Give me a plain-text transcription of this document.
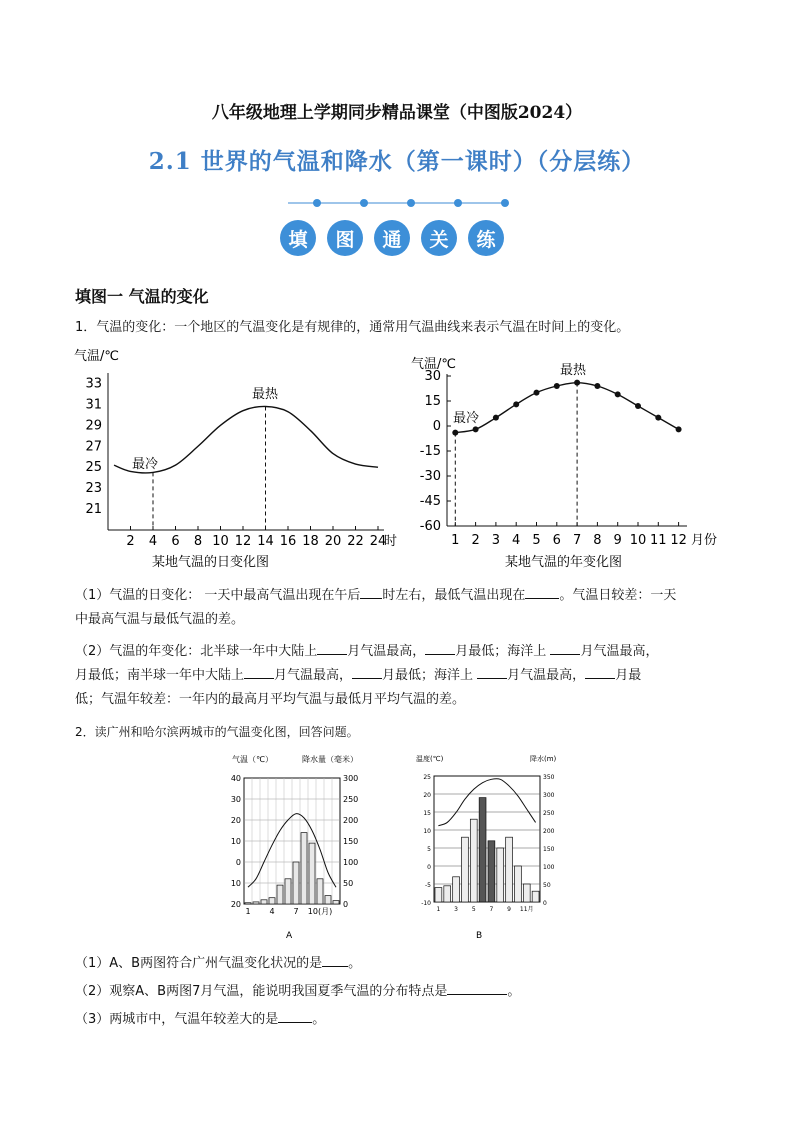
八年级地理上学期同步精品课堂（中图版2024）
2.1 世界的气温和降水（第一课时）（分层练）
填	图	通	关	练
填图一 气温的变化
1．气温的变化：一个地区的气温变化是有规律的，通常用气温曲线来表示气温在时间上的变化。
气温/℃
33
31
29
27
25
23
21
2 4 6 8 10 12 14 16 18 20 22 24
最冷
最热
时
某地气温的日变化图
气温/℃
30
15
0
-15
-30
-45
-60
1 2 3 4 5 6 7 8 9 10 11 12
最冷
最热
月份
某地气温的年变化图
（1）气温的日变化： 一天中最高气温出现在午后 时左右，最低气温出现在	。气温日较差：一天
中最高气温与最低气温的差。
（2）气温的年变化：北半球一年中大陆上 月气温最高， 月最低；海洋上 月气温最高，
月最低；南半球一年中大陆上 月气温最高， 月最低；海洋上 月气温最高， 月最
低；气温年较差：一年内的最高月平均气温与最低月平均气温的差。
2．读广州和哈尔滨两城市的气温变化图，回答问题。
气温（℃）	降水量（毫米）
40
30
20
10
0
10
20
300
250
200
150
100
50
0
1 4 7 10(月)
A
温度(℃)	降水(m)
25
20
15
10
5
0
-5
-10
350
300
250
200
150
100
50
0
1 3 5 7 9 11月
B
（1）A、B两图符合广州气温变化状况的是 。
（2）观察A、B两图7月气温，能说明我国夏季气温的分布特点是	。
（3）两城市中，气温年较差大的是	。
